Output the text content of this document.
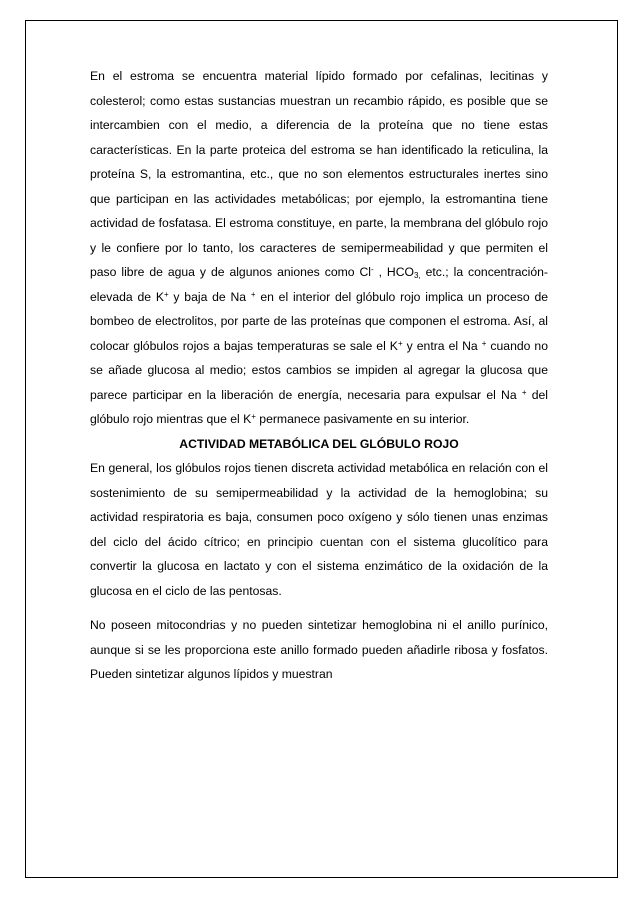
En el estroma se encuentra material lípido formado por cefalinas, lecitinas y colesterol; como estas sustancias muestran un recambio rápido, es posible que se intercambien con el medio, a diferencia de la proteína que no tiene estas características. En la parte proteica del estroma se han identificado la reticulina, la proteína S, la estromantina, etc., que no son elementos estructurales inertes sino que participan en las actividades metabólicas; por ejemplo, la estromantina tiene actividad de fosfatasa. El estroma constituye, en parte, la membrana del glóbulo rojo y le confiere por lo tanto, los caracteres de semipermeabilidad y que permiten el paso libre de agua y de algunos aniones como Cl- , $HCO_{3,}$ etc.; la concentración- elevada de K+ y baja de Na + en el interior del glóbulo rojo implica un proceso de bombeo de electrolitos, por parte de las proteínas que componen el estroma. Así, al colocar glóbulos rojos a bajas temperaturas se sale el K+ y entra el Na + cuando no se añade glucosa al medio; estos cambios se impiden al agregar la glucosa que parece participar en la liberación de energía, necesaria para expulsar el Na + del glóbulo rojo mientras que el K+ permanece pasivamente en su interior.

ACTIVIDAD METABÓLICA DEL GLÓBULO ROJO

En general, los glóbulos rojos tienen discreta actividad metabólica en relación con el sostenimiento de su semipermeabilidad y la actividad de la hemoglobina; su actividad respiratoria es baja, consumen poco oxígeno y sólo tienen unas enzimas del ciclo del ácido cítrico; en principio cuentan con el sistema glucolítico para convertir la glucosa en lactato y con el sistema enzimático de la oxidación de la glucosa en el ciclo de las pentosas.

No poseen mitocondrias y no pueden sintetizar hemoglobina ni el anillo purínico, aunque si se les proporciona este anillo formado pueden añadirle ribosa y fosfatos. Pueden sintetizar algunos lípidos y muestran
